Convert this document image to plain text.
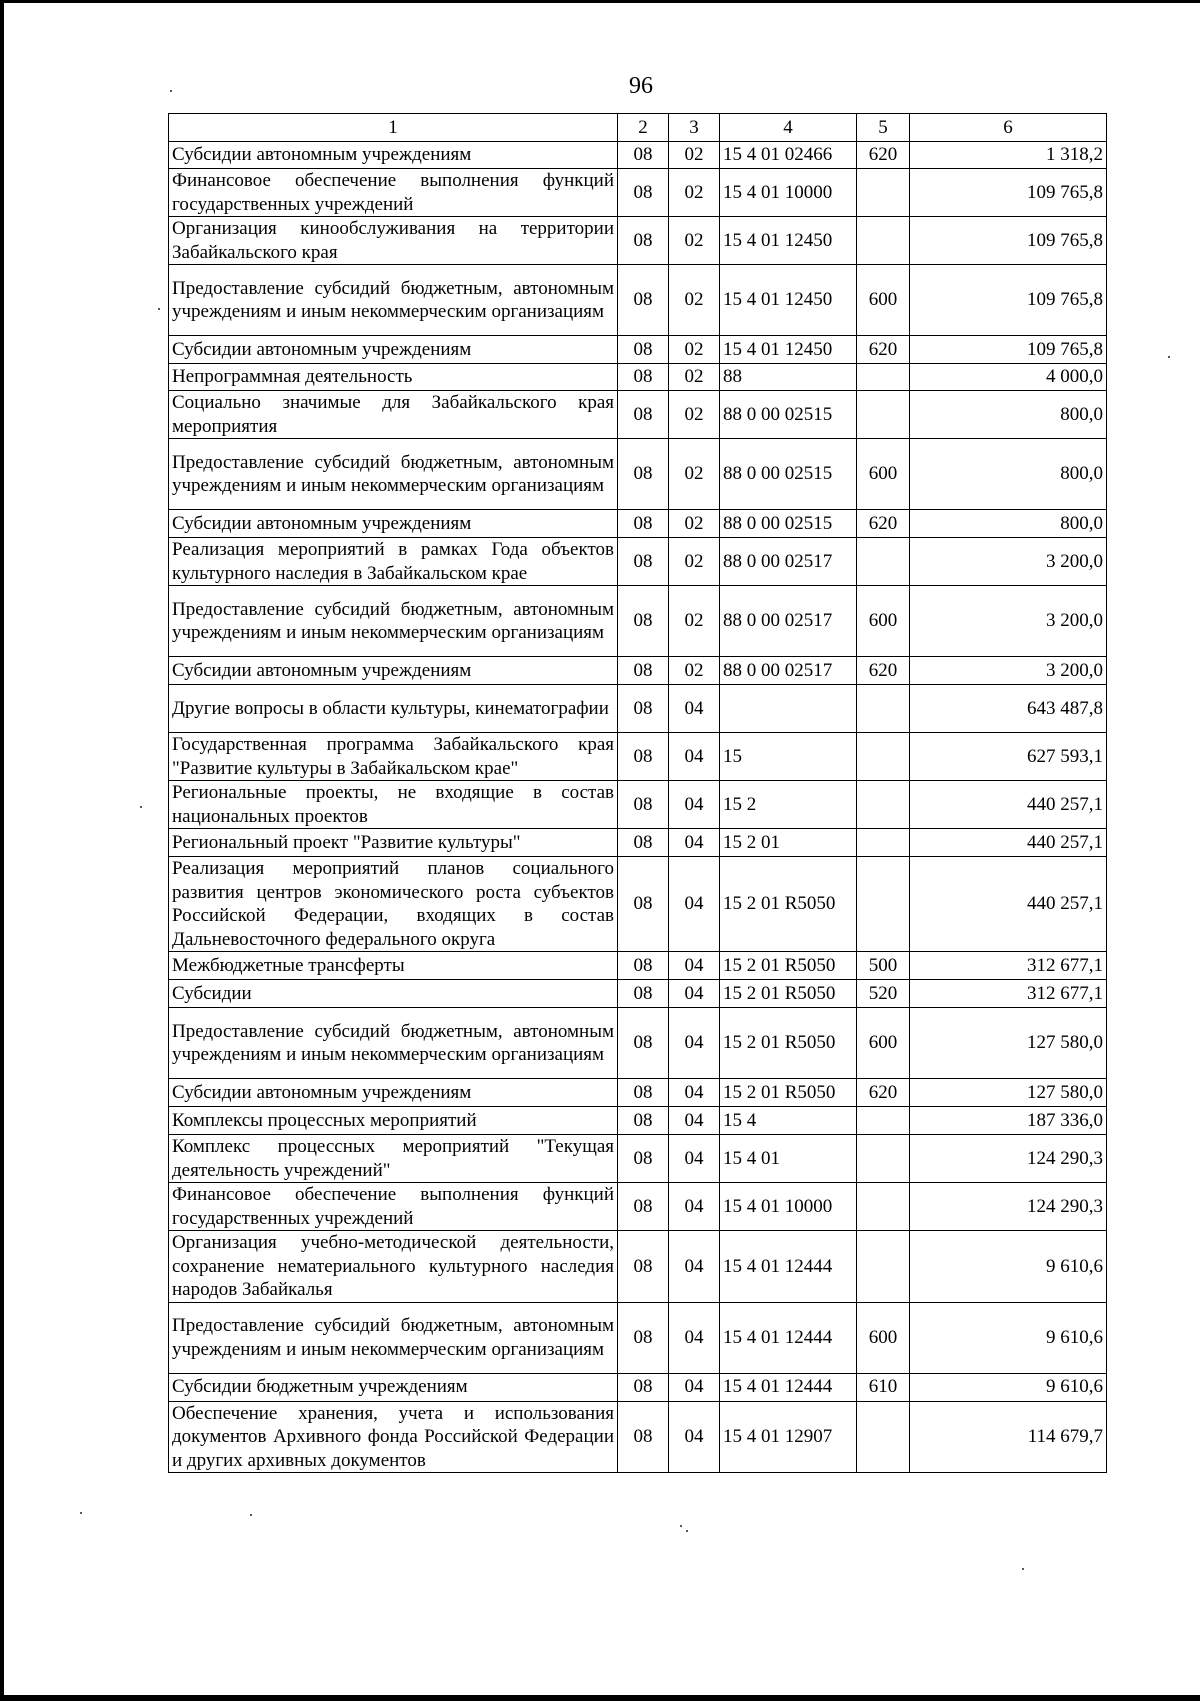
96
1	2	3	4	5	6
Субсидии автономным учреждениям	08	02	15 4 01 02466	620	1 318,2
Финансовое обеспечение выполнения функций государственных учреждений	08	02	15 4 01 10000		109 765,8
Организация кинообслуживания на территории Забайкальского края	08	02	15 4 01 12450		109 765,8
Предоставление субсидий бюджетным, автономным учреждениям и иным некоммерческим организациям	08	02	15 4 01 12450	600	109 765,8
Субсидии автономным учреждениям	08	02	15 4 01 12450	620	109 765,8
Непрограммная деятельность	08	02	88		4 000,0
Социально значимые для Забайкальского края мероприятия	08	02	88 0 00 02515		800,0
Предоставление субсидий бюджетным, автономным учреждениям и иным некоммерческим организациям	08	02	88 0 00 02515	600	800,0
Субсидии автономным учреждениям	08	02	88 0 00 02515	620	800,0
Реализация мероприятий в рамках Года объектов культурного наследия в Забайкальском крае	08	02	88 0 00 02517		3 200,0
Предоставление субсидий бюджетным, автономным учреждениям и иным некоммерческим организациям	08	02	88 0 00 02517	600	3 200,0
Субсидии автономным учреждениям	08	02	88 0 00 02517	620	3 200,0
Другие вопросы в области культуры, кинематографии	08	04			643 487,8
Государственная программа Забайкальского края "Развитие культуры в Забайкальском крае"	08	04	15		627 593,1
Региональные проекты, не входящие в состав национальных проектов	08	04	15 2		440 257,1
Региональный проект "Развитие культуры"	08	04	15 2 01		440 257,1
Реализация мероприятий планов социального развития центров экономического роста субъектов Российской Федерации, входящих в состав Дальневосточного федерального округа	08	04	15 2 01 R5050		440 257,1
Межбюджетные трансферты	08	04	15 2 01 R5050	500	312 677,1
Субсидии	08	04	15 2 01 R5050	520	312 677,1
Предоставление субсидий бюджетным, автономным учреждениям и иным некоммерческим организациям	08	04	15 2 01 R5050	600	127 580,0
Субсидии автономным учреждениям	08	04	15 2 01 R5050	620	127 580,0
Комплексы процессных мероприятий	08	04	15 4		187 336,0
Комплекс процессных мероприятий "Текущая деятельность учреждений"	08	04	15 4 01		124 290,3
Финансовое обеспечение выполнения функций государственных учреждений	08	04	15 4 01 10000		124 290,3
Организация учебно-методической деятельности, сохранение нематериального культурного наследия народов Забайкалья	08	04	15 4 01 12444		9 610,6
Предоставление субсидий бюджетным, автономным учреждениям и иным некоммерческим организациям	08	04	15 4 01 12444	600	9 610,6
Субсидии бюджетным учреждениям	08	04	15 4 01 12444	610	9 610,6
Обеспечение хранения, учета и использования документов Архивного фонда Российской Федерации и других архивных документов	08	04	15 4 01 12907		114 679,7
